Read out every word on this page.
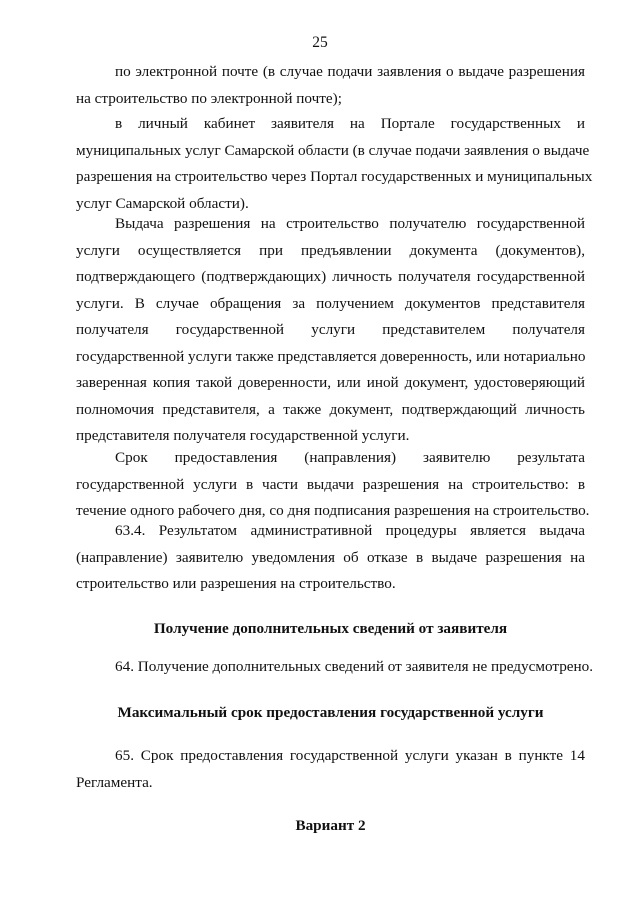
25
по электронной почте (в случае подачи заявления о выдаче разрешения
на строительство по электронной почте);
в личный кабинет заявителя на Портале государственных и
муниципальных услуг Самарской области (в случае подачи заявления о выдаче
разрешения на строительство через Портал государственных и муниципальных
услуг Самарской области).
Выдача разрешения на строительство получателю государственной
услуги осуществляется при предъявлении документа (документов),
подтверждающего (подтверждающих) личность получателя государственной
услуги. В случае обращения за получением документов представителя
получателя государственной услуги представителем получателя
государственной услуги также представляется доверенность, или нотариально
заверенная копия такой доверенности, или иной документ, удостоверяющий
полномочия представителя, а также документ, подтверждающий личность
представителя получателя государственной услуги.
Срок предоставления (направления) заявителю результата
государственной услуги в части выдачи разрешения на строительство: в
течение одного рабочего дня, со дня подписания разрешения на строительство.
63.4. Результатом административной процедуры является выдача
(направление) заявителю уведомления об отказе в выдаче разрешения на
строительство или разрешения на строительство.
Получение дополнительных сведений от заявителя
64. Получение дополнительных сведений от заявителя не предусмотрено.
Максимальный срок предоставления государственной услуги
65. Срок предоставления государственной услуги указан в пункте 14
Регламента.
Вариант 2
